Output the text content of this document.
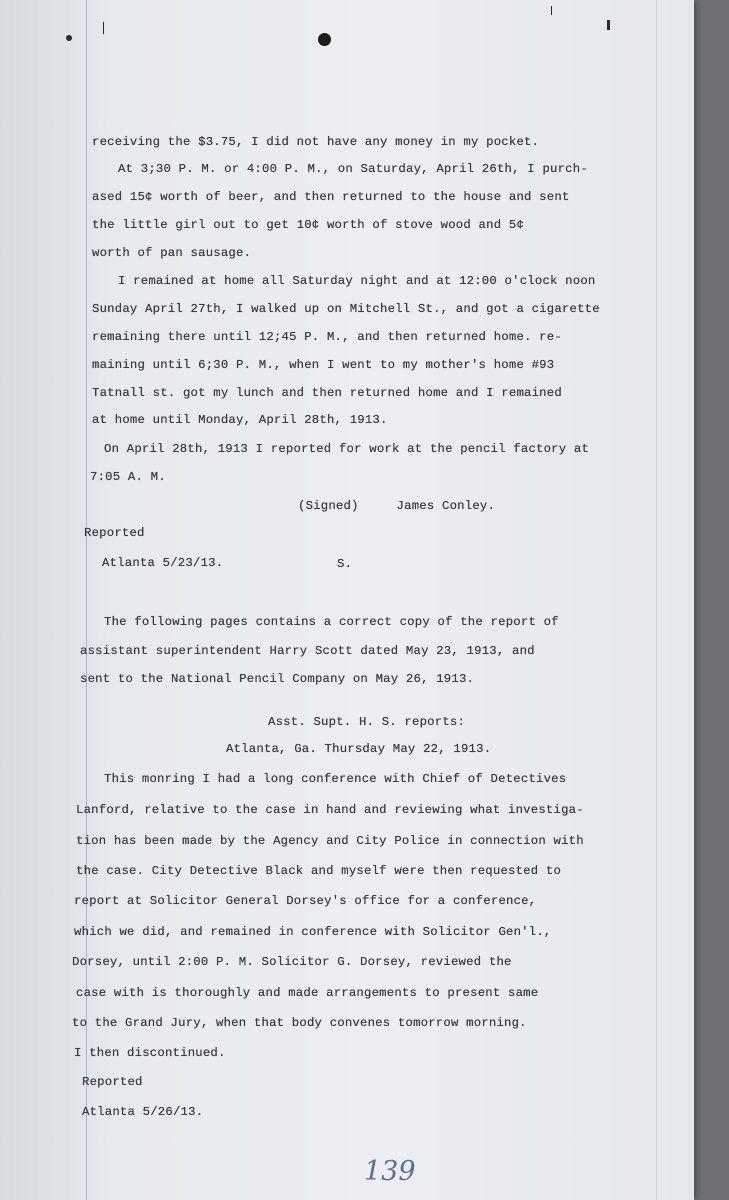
receiving the $3.75, I did not have any money in my pocket.
At 3;30 P. M. or 4:00 P. M., on Saturday, April 26th, I purch-
ased 15¢ worth of beer, and then returned to the house and sent
the little girl out to get 10¢ worth of stove wood and 5¢
worth of pan sausage.
I remained at home all Saturday night and at 12:00 o'clock noon
Sunday April 27th, I walked up on Mitchell St., and got a cigarette
remaining there until 12;45 P. M., and then returned home. re-
maining until 6;30 P. M., when I went to my mother's home #93
Tatnall st. got my lunch and then returned home and I remained
at home until Monday, April 28th, 1913.
On April 28th, 1913 I reported for work at the pencil factory at
7:05 A. M.
(Signed)     James Conley.
Reported
Atlanta 5/23/13.	S.
The following pages contains a correct copy of the report of
assistant superintendent Harry Scott dated May 23, 1913, and
sent to the National Pencil Company on May 26, 1913.
Asst. Supt. H. S. reports:
Atlanta, Ga. Thursday May 22, 1913.
This monring I had a long conference with Chief of Detectives
Lanford, relative to the case in hand and reviewing what investiga-
tion has been made by the Agency and City Police in connection with
the case. City Detective Black and myself were then requested to
report at Solicitor General Dorsey's office for a conference,
which we did, and remained in conference with Solicitor Gen'l.,
Dorsey, until 2:00 P. M. Solicitor G. Dorsey, reviewed the
case with is thoroughly and made arrangements to present same
to the Grand Jury, when that body convenes tomorrow morning.
I then discontinued.
Reported
Atlanta 5/26/13.
139
